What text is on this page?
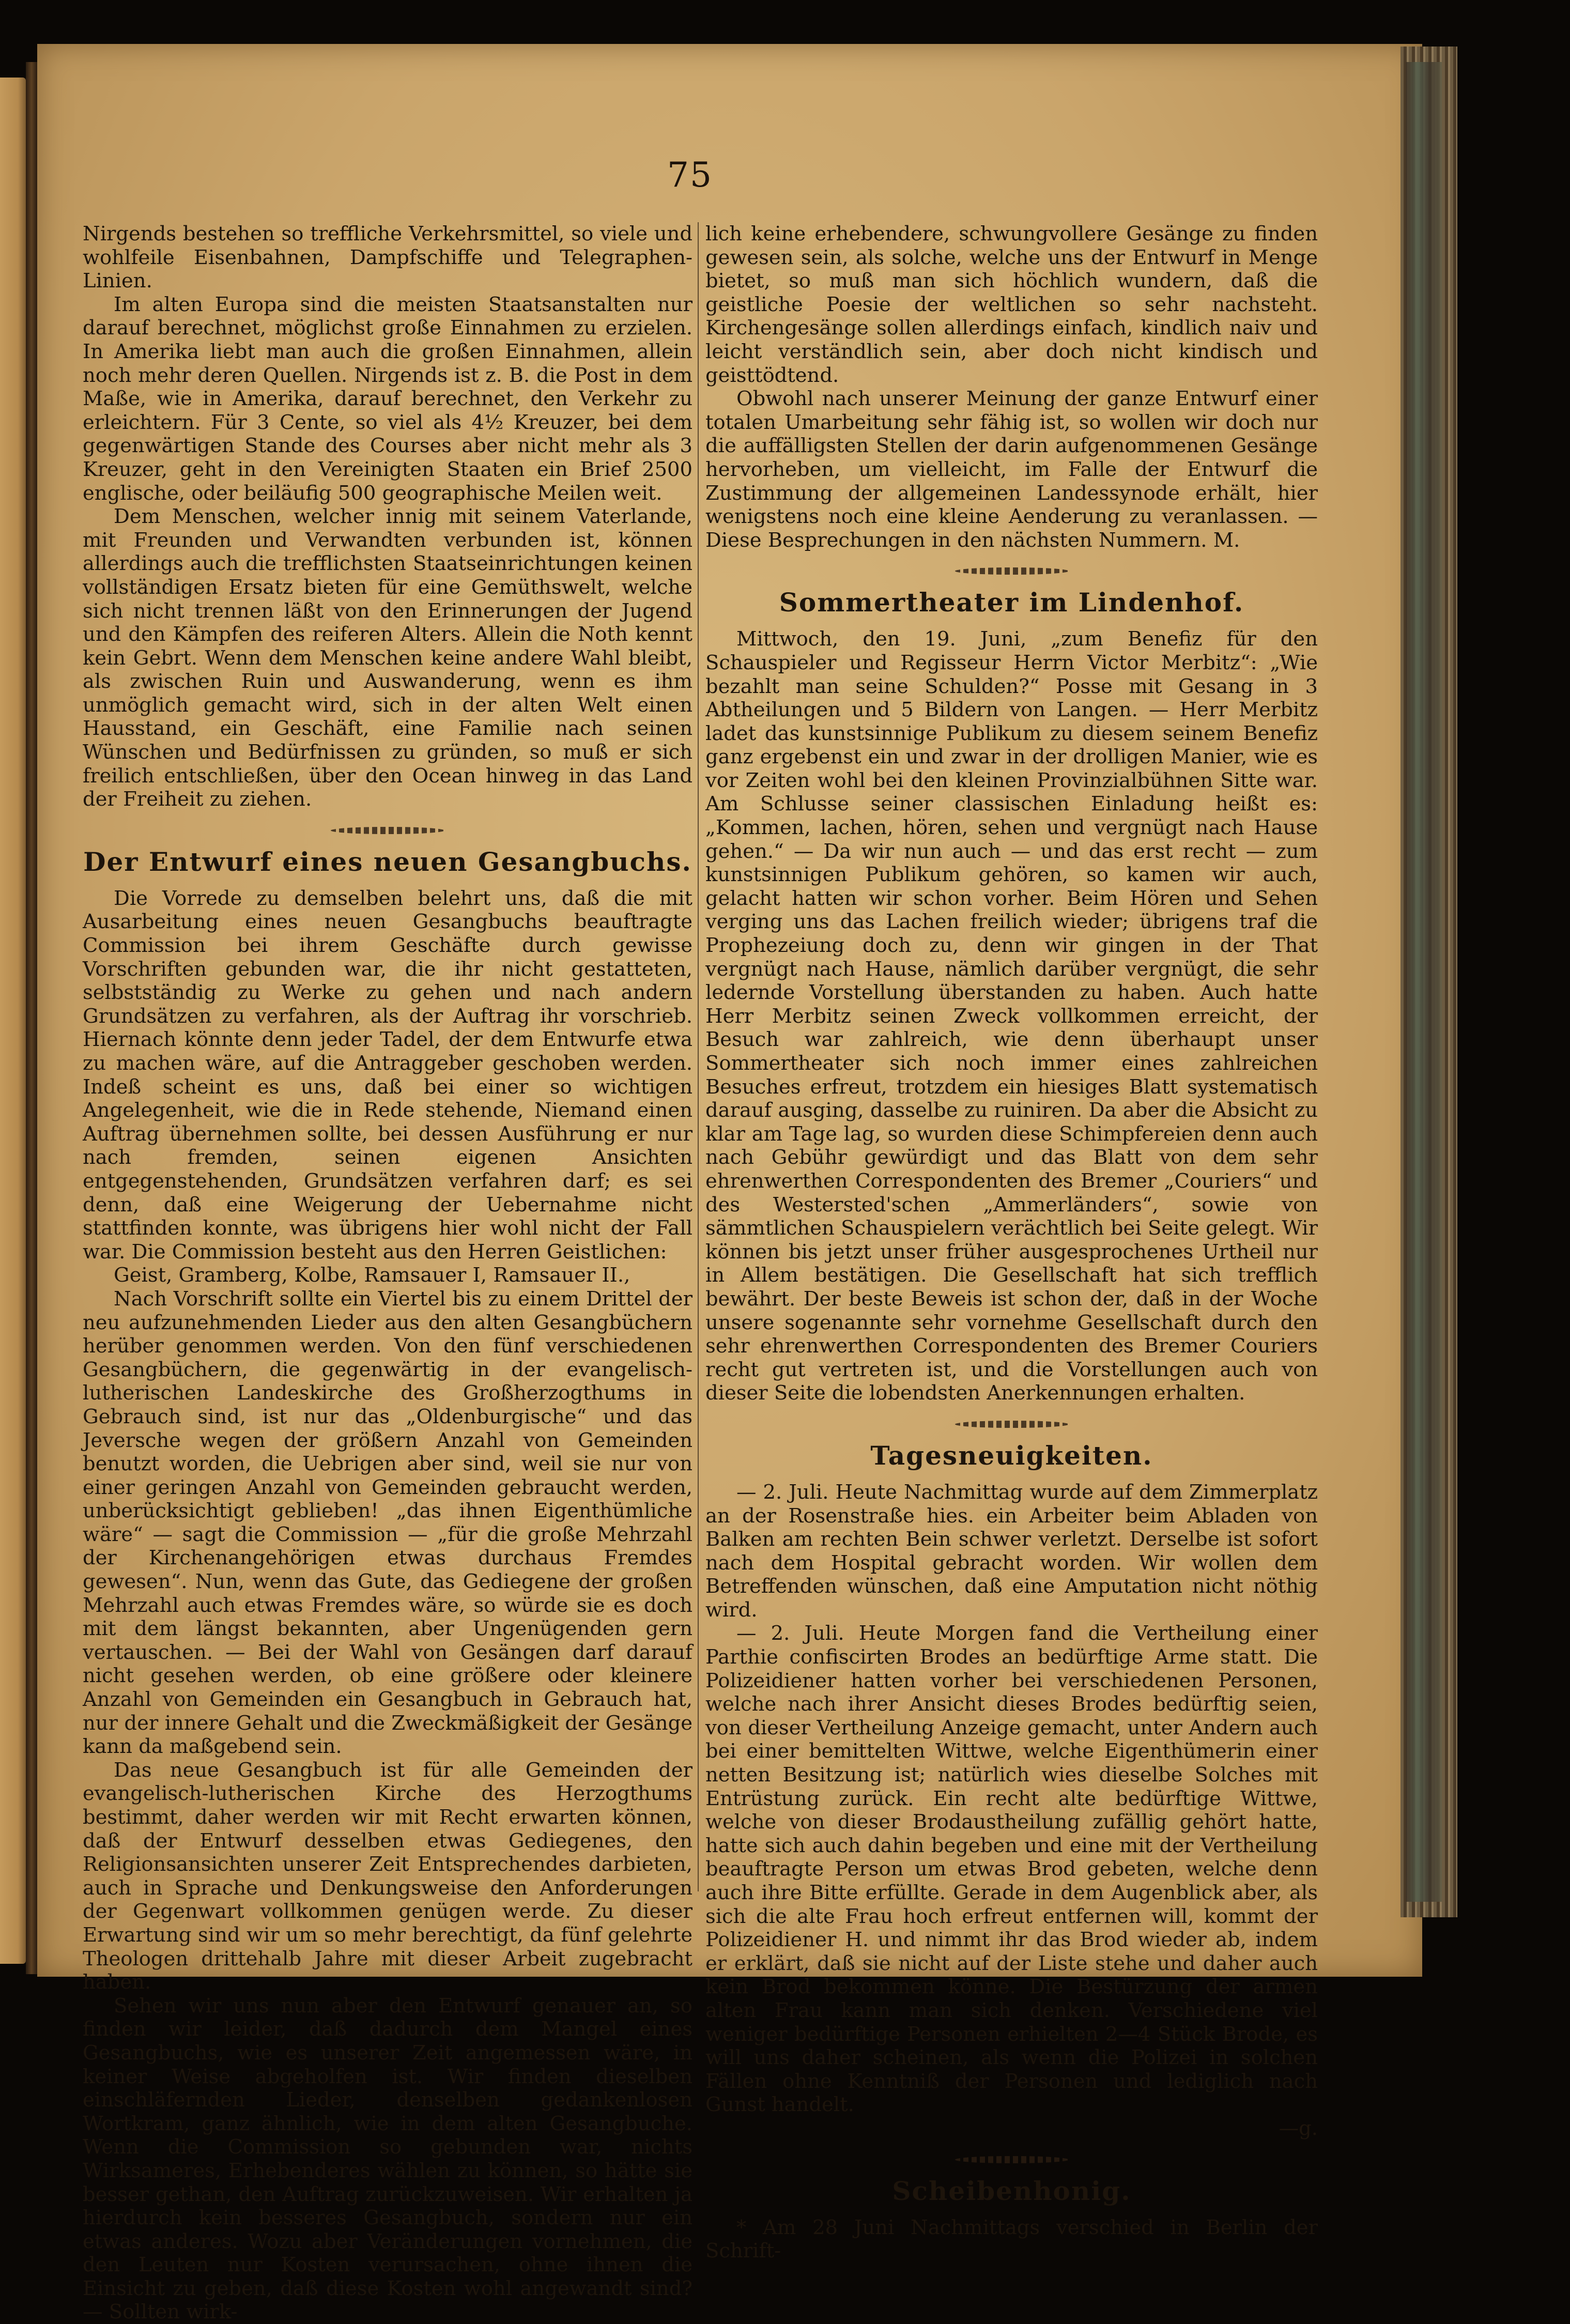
75

Nirgends bestehen so treffliche Verkehrsmittel, so viele und wohlfeile Eisenbahnen, Dampfschiffe und Telegraphen-Linien.

Im alten Europa sind die meisten Staatsanstalten nur darauf berechnet, möglichst große Einnahmen zu erzielen. In Amerika liebt man auch die großen Einnahmen, allein noch mehr deren Quellen. Nirgends ist z. B. die Post in dem Maße, wie in Amerika, darauf berechnet, den Verkehr zu erleichtern. Für 3 Cente, so viel als 4½ Kreuzer, bei dem gegenwärtigen Stande des Courses aber nicht mehr als 3 Kreuzer, geht in den Vereinigten Staaten ein Brief 2500 englische, oder beiläufig 500 geographische Meilen weit.

Dem Menschen, welcher innig mit seinem Vaterlande, mit Freunden und Verwandten verbunden ist, können allerdings auch die trefflichsten Staatseinrichtungen keinen vollständigen Ersatz bieten für eine Gemüthswelt, welche sich nicht trennen läßt von den Erinnerungen der Jugend und den Kämpfen des reiferen Alters. Allein die Noth kennt kein Gebrt. Wenn dem Menschen keine andere Wahl bleibt, als zwischen Ruin und Auswanderung, wenn es ihm unmöglich gemacht wird, sich in der alten Welt einen Hausstand, ein Geschäft, eine Familie nach seinen Wünschen und Bedürfnissen zu gründen, so muß er sich freilich entschließen, über den Ocean hinweg in das Land der Freiheit zu ziehen.

Der Entwurf eines neuen Gesangbuchs.

Die Vorrede zu demselben belehrt uns, daß die mit Ausarbeitung eines neuen Gesangbuchs beauftragte Commission bei ihrem Geschäfte durch gewisse Vorschriften gebunden war, die ihr nicht gestatteten, selbstständig zu Werke zu gehen und nach andern Grundsätzen zu verfahren, als der Auftrag ihr vorschrieb. Hiernach könnte denn jeder Tadel, der dem Entwurfe etwa zu machen wäre, auf die Antraggeber geschoben werden. Indeß scheint es uns, daß bei einer so wichtigen Angelegenheit, wie die in Rede stehende, Niemand einen Auftrag übernehmen sollte, bei dessen Ausführung er nur nach fremden, seinen eigenen Ansichten entgegenstehenden, Grundsätzen verfahren darf; es sei denn, daß eine Weigerung der Uebernahme nicht stattfinden konnte, was übrigens hier wohl nicht der Fall war. Die Commission besteht aus den Herren Geistlichen:

Geist, Gramberg, Kolbe, Ramsauer I, Ramsauer II.,

Nach Vorschrift sollte ein Viertel bis zu einem Drittel der neu aufzunehmenden Lieder aus den alten Gesangbüchern herüber genommen werden. Von den fünf verschiedenen Gesangbüchern, die gegenwärtig in der evangelisch-lutherischen Landeskirche des Großherzogthums in Gebrauch sind, ist nur das „Oldenburgische“ und das Jeversche wegen der größern Anzahl von Gemeinden benutzt worden, die Uebrigen aber sind, weil sie nur von einer geringen Anzahl von Gemeinden gebraucht werden, unberücksichtigt geblieben! „das ihnen Eigenthümliche wäre“ — sagt die Commission — „für die große Mehrzahl der Kirchenangehörigen etwas durchaus Fremdes gewesen“. Nun, wenn das Gute, das Gediegene der großen Mehrzahl auch etwas Fremdes wäre, so würde sie es doch mit dem längst bekannten, aber Ungenügenden gern vertauschen. — Bei der Wahl von Gesängen darf darauf nicht gesehen werden, ob eine größere oder kleinere Anzahl von Gemeinden ein Gesangbuch in Gebrauch hat, nur der innere Gehalt und die Zweckmäßigkeit der Gesänge kann da maßgebend sein.

Das neue Gesangbuch ist für alle Gemeinden der evangelisch-lutherischen Kirche des Herzogthums bestimmt, daher werden wir mit Recht erwarten können, daß der Entwurf desselben etwas Gediegenes, den Religionsansichten unserer Zeit Entsprechendes darbieten, auch in Sprache und Denkungsweise den Anforderungen der Gegenwart vollkommen genügen werde. Zu dieser Erwartung sind wir um so mehr berechtigt, da fünf gelehrte Theologen drittehalb Jahre mit dieser Arbeit zugebracht haben.

Sehen wir uns nun aber den Entwurf genauer an, so finden wir leider, daß dadurch dem Mangel eines Gesangbuchs, wie es unserer Zeit angemessen wäre, in keiner Weise abgeholfen ist. Wir finden dieselben einschläfernden Lieder, denselben gedankenlosen Wortkram, ganz ähnlich, wie in dem alten Gesangbuche. Wenn die Commission so gebunden war, nichts Wirksameres, Erhebenderes wählen zu können, so hätte sie besser gethan, den Auftrag zurückzuweisen. Wir erhalten ja hierdurch kein besseres Gesangbuch, sondern nur ein etwas anderes. Wozu aber Veränderungen vornehmen, die den Leuten nur Kosten verursachen, ohne ihnen die Einsicht zu geben, daß diese Kosten wohl angewandt sind? — Sollten wirk-

lich keine erhebendere, schwungvollere Gesänge zu finden gewesen sein, als solche, welche uns der Entwurf in Menge bietet, so muß man sich höchlich wundern, daß die geistliche Poesie der weltlichen so sehr nachsteht. Kirchengesänge sollen allerdings einfach, kindlich naiv und leicht verständlich sein, aber doch nicht kindisch und geisttödtend.

Obwohl nach unserer Meinung der ganze Entwurf einer totalen Umarbeitung sehr fähig ist, so wollen wir doch nur die auffälligsten Stellen der darin aufgenommenen Gesänge hervorheben, um vielleicht, im Falle der Entwurf die Zustimmung der allgemeinen Landessynode erhält, hier wenigstens noch eine kleine Aenderung zu veranlassen. — Diese Besprechungen in den nächsten Nummern. M.

Sommertheater im Lindenhof.

Mittwoch, den 19. Juni, „zum Benefiz für den Schauspieler und Regisseur Herrn Victor Merbitz“: „Wie bezahlt man seine Schulden?“ Posse mit Gesang in 3 Abtheilungen und 5 Bildern von Langen. — Herr Merbitz ladet das kunstsinnige Publikum zu diesem seinem Benefiz ganz ergebenst ein und zwar in der drolligen Manier, wie es vor Zeiten wohl bei den kleinen Provinzialbühnen Sitte war. Am Schlusse seiner classischen Einladung heißt es: „Kommen, lachen, hören, sehen und vergnügt nach Hause gehen.“ — Da wir nun auch — und das erst recht — zum kunstsinnigen Publikum gehören, so kamen wir auch, gelacht hatten wir schon vorher. Beim Hören und Sehen verging uns das Lachen freilich wieder; übrigens traf die Prophezeiung doch zu, denn wir gingen in der That vergnügt nach Hause, nämlich darüber vergnügt, die sehr ledernde Vorstellung überstanden zu haben. Auch hatte Herr Merbitz seinen Zweck vollkommen erreicht, der Besuch war zahlreich, wie denn überhaupt unser Sommertheater sich noch immer eines zahlreichen Besuches erfreut, trotzdem ein hiesiges Blatt systematisch darauf ausging, dasselbe zu ruiniren. Da aber die Absicht zu klar am Tage lag, so wurden diese Schimpfereien denn auch nach Gebühr gewürdigt und das Blatt von dem sehr ehrenwerthen Correspondenten des Bremer „Couriers“ und des Westersted'schen „Ammerländers“, sowie von sämmtlichen Schauspielern verächtlich bei Seite gelegt. Wir können bis jetzt unser früher ausgesprochenes Urtheil nur in Allem bestätigen. Die Gesellschaft hat sich trefflich bewährt. Der beste Beweis ist schon der, daß in der Woche unsere sogenannte sehr vornehme Gesellschaft durch den sehr ehrenwerthen Correspondenten des Bremer Couriers recht gut vertreten ist, und die Vorstellungen auch von dieser Seite die lobendsten Anerkennungen erhalten.

Tagesneuigkeiten.

— 2. Juli. Heute Nachmittag wurde auf dem Zimmerplatz an der Rosenstraße hies. ein Arbeiter beim Abladen von Balken am rechten Bein schwer verletzt. Derselbe ist sofort nach dem Hospital gebracht worden. Wir wollen dem Betreffenden wünschen, daß eine Amputation nicht nöthig wird.

— 2. Juli. Heute Morgen fand die Vertheilung einer Parthie confiscirten Brodes an bedürftige Arme statt. Die Polizeidiener hatten vorher bei verschiedenen Personen, welche nach ihrer Ansicht dieses Brodes bedürftig seien, von dieser Vertheilung Anzeige gemacht, unter Andern auch bei einer bemittelten Wittwe, welche Eigenthümerin einer netten Besitzung ist; natürlich wies dieselbe Solches mit Entrüstung zurück. Ein recht alte bedürftige Wittwe, welche von dieser Brodaustheilung zufällig gehört hatte, hatte sich auch dahin begeben und eine mit der Vertheilung beauftragte Person um etwas Brod gebeten, welche denn auch ihre Bitte erfüllte. Gerade in dem Augenblick aber, als sich die alte Frau hoch erfreut entfernen will, kommt der Polizeidiener H. und nimmt ihr das Brod wieder ab, indem er erklärt, daß sie nicht auf der Liste stehe und daher auch kein Brod bekommen könne. Die Bestürzung der armen alten Frau kann man sich denken. Verschiedene viel weniger bedürftige Personen erhielten 2—4 Stück Brode, es will uns daher scheinen, als wenn die Polizei in solchen Fällen ohne Kenntniß der Personen und lediglich nach Gunst handelt.

—g.

Scheibenhonig.

* Am 28 Juni Nachmittags verschied in Berlin der Schrift-
